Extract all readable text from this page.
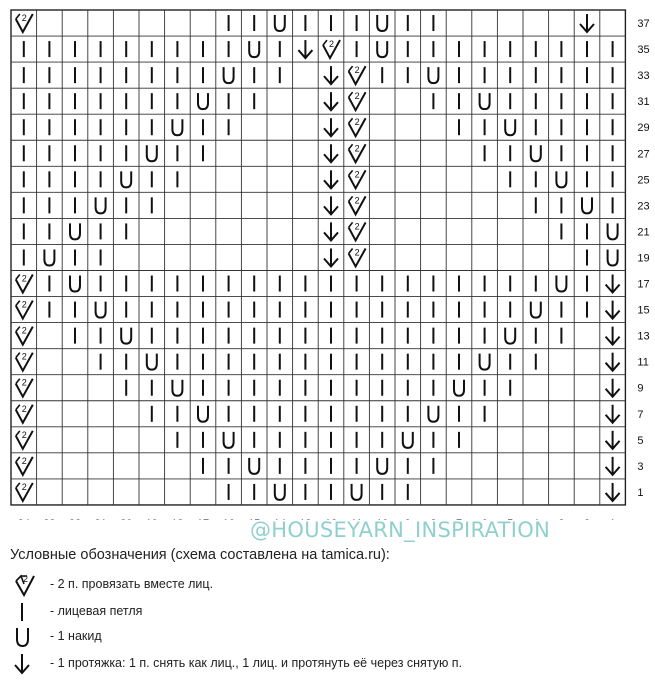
2
2
2
2
2
2
2
2
2
2
2
2
2
2
2
2
2
2
2
37
35
33
31
29
27
25
23
21
19
17
15
13
11
9
7
5
3
1
@HOUSEYARN_INSPIRATION
Условные обозначения (схема составлена на tamica.ru):
2 - 2 п. провязать вместе лиц.
- лицевая петля
- 1 накид
- 1 протяжка: 1 п. снять как лиц., 1 лиц. и протянуть её через снятую п.
